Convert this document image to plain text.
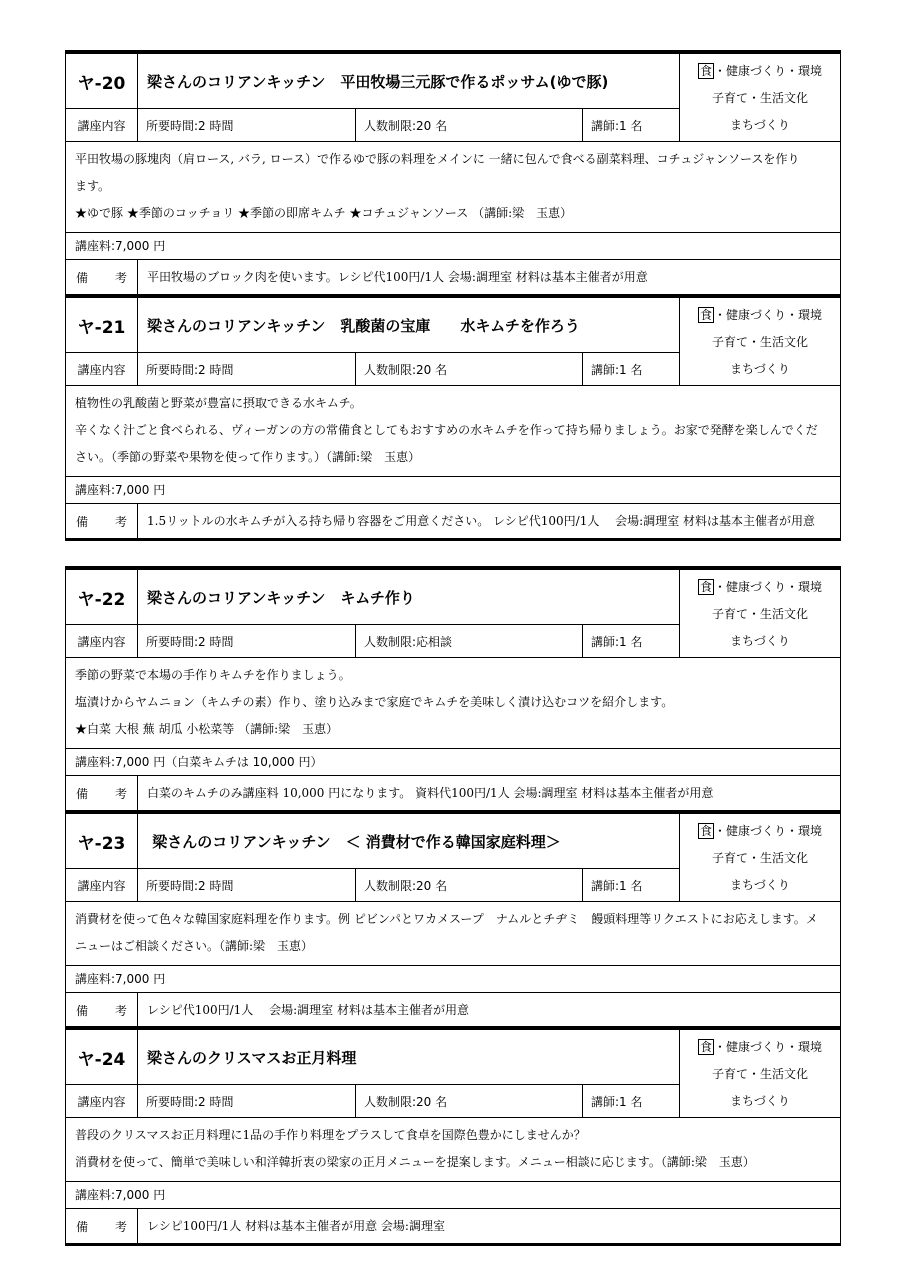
ヤ-20	梁さんのコリアンキッチン　平田牧場三元豚で作るポッサム(ゆで豚)
講座内容	所要時間:2 時間	人数制限:20 名	講師:1 名
食 ・健康づくり・環境
子育て・生活文化
まちづくり
平田牧場の豚塊肉（肩ロース, バラ, ロース）で作るゆで豚の料理をメインに 一緒に包んで食べる副菜料理、コチュジャンソースを作り
ます。
★ゆで豚 ★季節のコッチョリ ★季節の即席キムチ ★コチュジャンソース （講師:梁　玉恵）
講座料:7,000 円
備 考	平田牧場のブロック肉を使います。レシピ代100円/1人 会場:調理室 材料は基本主催者が用意
ヤ-21	梁さんのコリアンキッチン　乳酸菌の宝庫　　水キムチを作ろう
講座内容	所要時間:2 時間	人数制限:20 名	講師:1 名
食 ・健康づくり・環境
子育て・生活文化
まちづくり
植物性の乳酸菌と野菜が豊富に摂取できる水キムチ。
辛くなく汁ごと食べられる、ヴィーガンの方の常備食としてもおすすめの水キムチを作って持ち帰りましょう。お家で発酵を楽しんでくだ
さい。（季節の野菜や果物を使って作ります。）（講師:梁　玉恵）
講座料:7,000 円
備 考	1.5リットルの水キムチが入る持ち帰り容器をご用意ください。 レシピ代100円/1人　 会場:調理室 材料は基本主催者が用意
ヤ-22	梁さんのコリアンキッチン　キムチ作り
講座内容	所要時間:2 時間	人数制限:応相談	講師:1 名
食 ・健康づくり・環境
子育て・生活文化
まちづくり
季節の野菜で本場の手作りキムチを作りましょう。
塩漬けからヤムニョン（キムチの素）作り、塗り込みまで家庭でキムチを美味しく漬け込むコツを紹介します。
★白菜 大根 蕪 胡瓜 小松菜等 （講師:梁　玉恵）
講座料:7,000 円（白菜キムチは 10,000 円）
備 考	白菜のキムチのみ講座料 10,000 円になります。 資料代100円/1人 会場:調理室 材料は基本主催者が用意
ヤ-23	梁さんのコリアンキッチン　＜ 消費材で作る韓国家庭料理＞
講座内容	所要時間:2 時間	人数制限:20 名	講師:1 名
食 ・健康づくり・環境
子育て・生活文化
まちづくり
消費材を使って色々な韓国家庭料理を作ります。例 ピビンパとワカメスープ　ナムルとチヂミ　饅頭料理等リクエストにお応えします。メ
ニューはご相談ください。（講師:梁　玉恵）
講座料:7,000 円
備 考	レシピ代100円/1人　 会場:調理室 材料は基本主催者が用意
ヤ-24	梁さんのクリスマスお正月料理
講座内容	所要時間:2 時間	人数制限:20 名	講師:1 名
食 ・健康づくり・環境
子育て・生活文化
まちづくり
普段のクリスマスお正月料理に1品の手作り料理をプラスして食卓を国際色豊かにしませんか？
消費材を使って、簡単で美味しい和洋韓折衷の梁家の正月メニューを提案します。メニュー相談に応じます。（講師:梁　玉恵）
講座料:7,000 円
備 考	レシピ100円/1人 材料は基本主催者が用意 会場:調理室
